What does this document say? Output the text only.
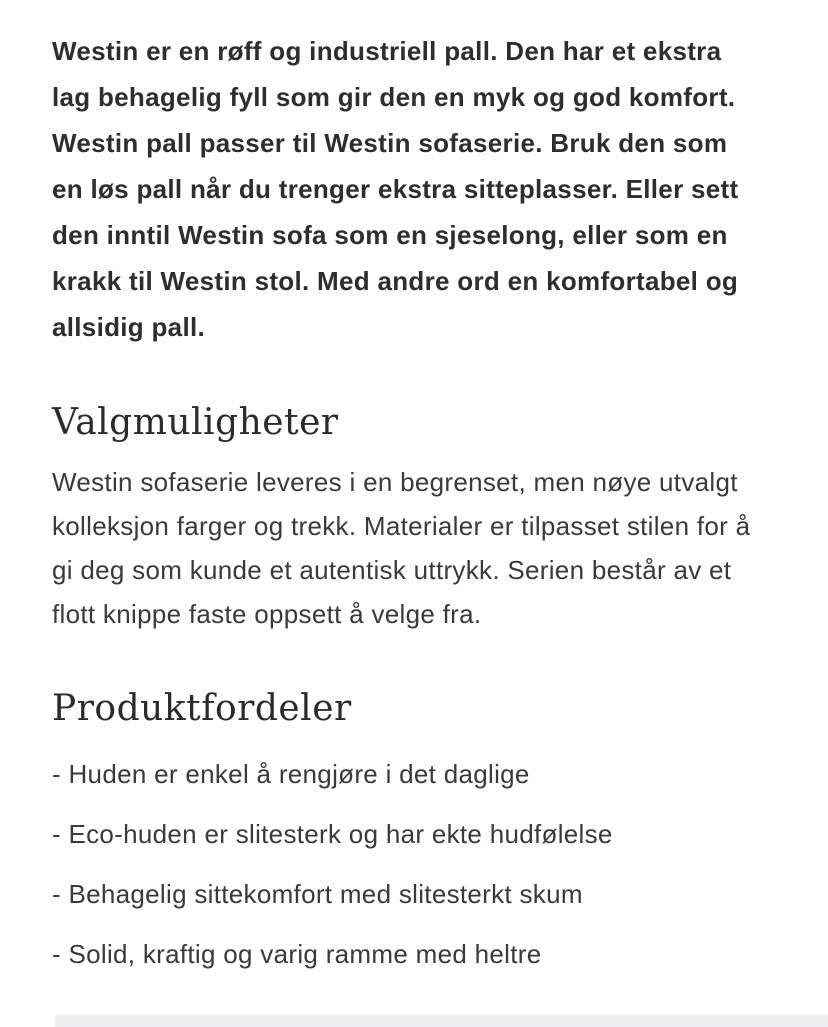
Westin er en røff og industriell pall. Den har et ekstra lag behagelig fyll som gir den en myk og god komfort. Westin pall passer til Westin sofaserie. Bruk den som en løs pall når du trenger ekstra sitteplasser. Eller sett den inntil Westin sofa som en sjeselong, eller som en krakk til Westin stol. Med andre ord en komfortabel og allsidig pall.

Valgmuligheter

Westin sofaserie leveres i en begrenset, men nøye utvalgt kolleksjon farger og trekk. Materialer er tilpasset stilen for å gi deg som kunde et autentisk uttrykk. Serien består av et flott knippe faste oppsett å velge fra.

Produktfordeler
- Huden er enkel å rengjøre i det daglige
- Eco-huden er slitesterk og har ekte hudfølelse
- Behagelig sittekomfort med slitesterkt skum
- Solid, kraftig og varig ramme med heltre
